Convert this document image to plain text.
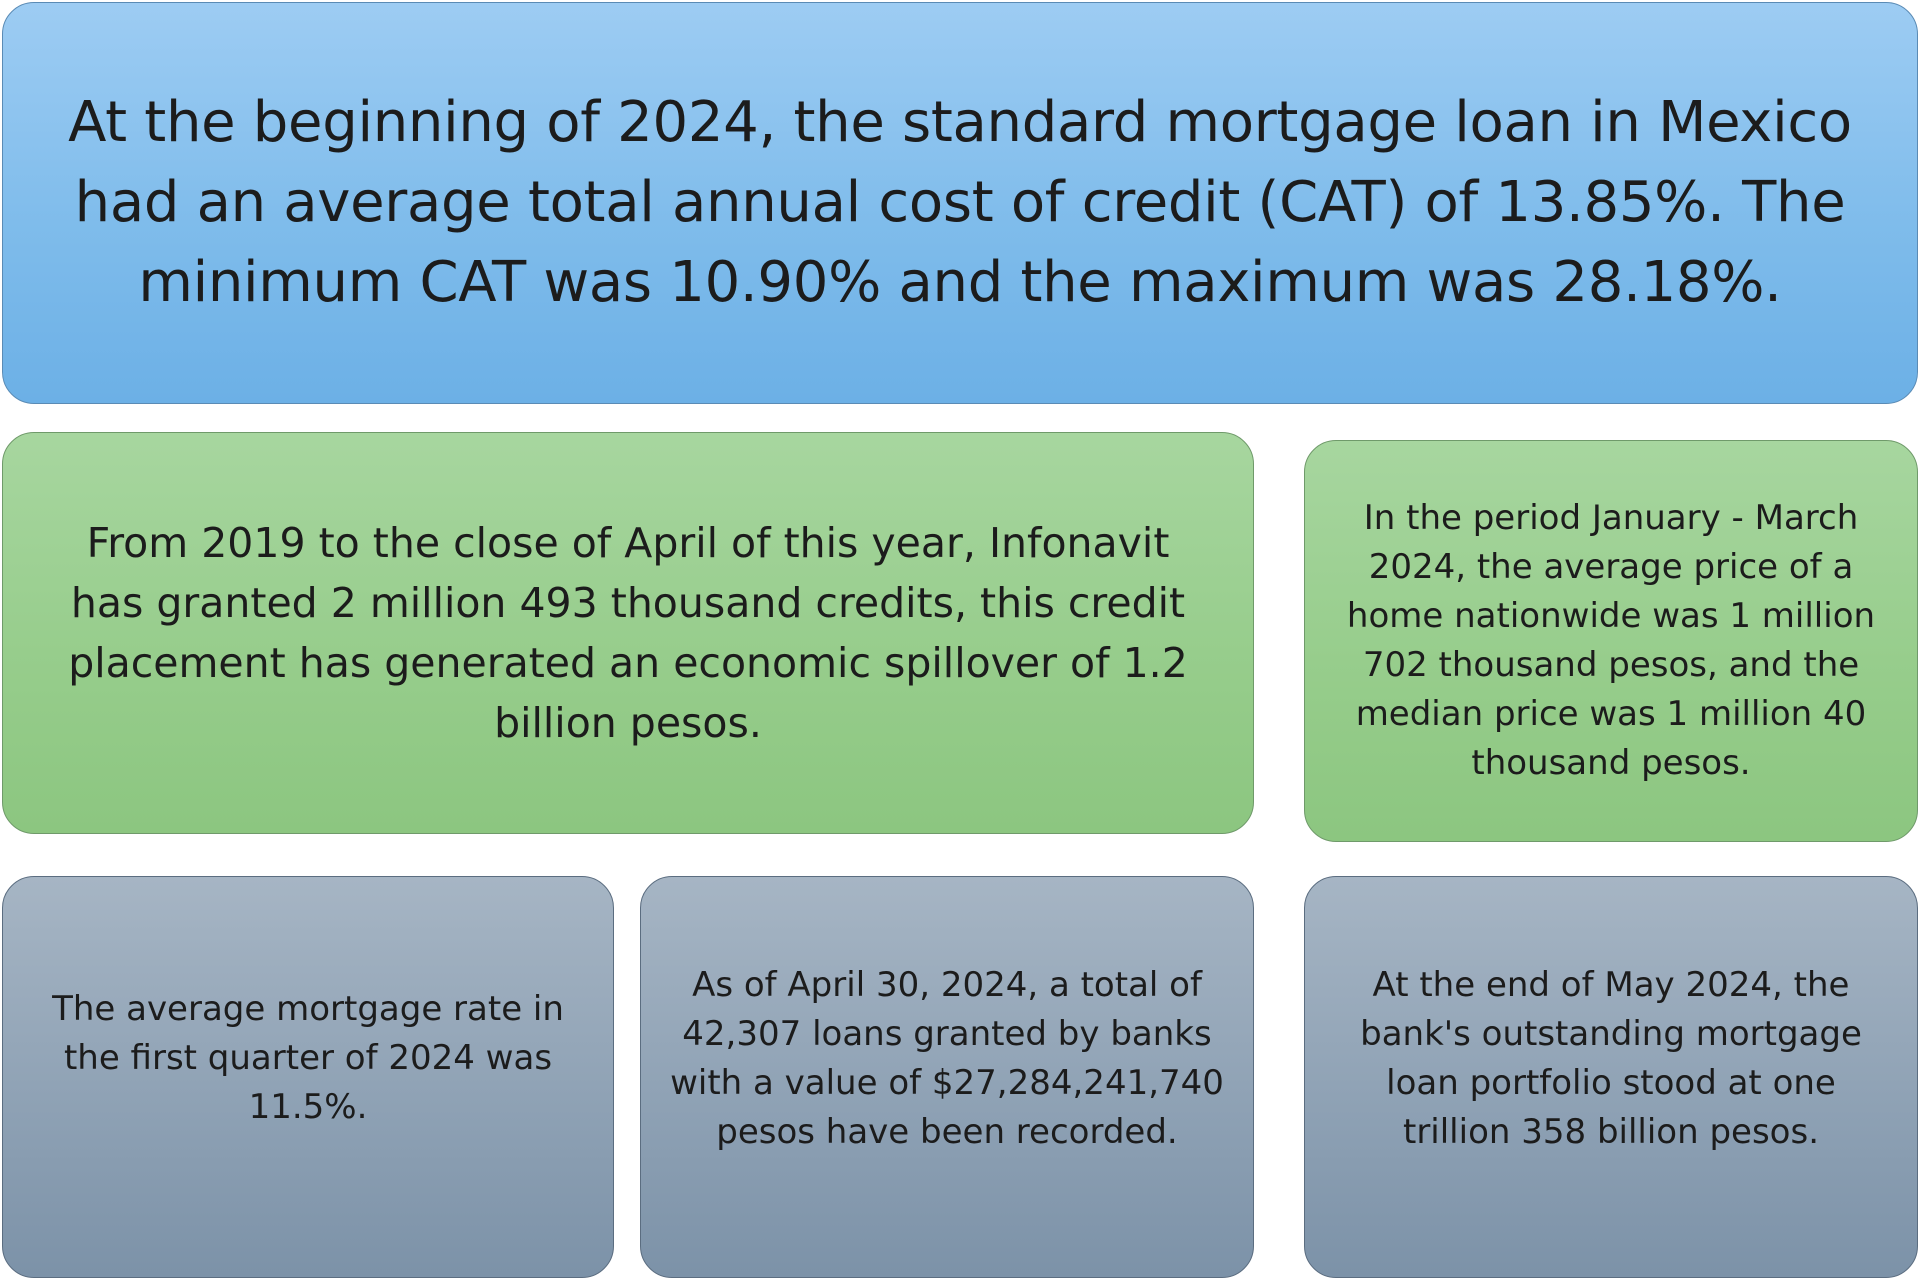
At the beginning of 2024, the standard mortgage loan in Mexico had an average total annual cost of credit (CAT) of 13.85%. The minimum CAT was 10.90% and the maximum was 28.18%.
From 2019 to the close of April of this year, Infonavit has granted 2 million 493 thousand credits, this credit placement has generated an economic spillover of 1.2 billion pesos.
In the period January - March 2024, the average price of a home nationwide was 1 million 702 thousand pesos, and the median price was 1 million 40 thousand pesos.
The average mortgage rate in the first quarter of 2024 was 11.5%.
As of April 30, 2024, a total of 42,307 loans granted by banks with a value of $27,284,241,740 pesos have been recorded.
At the end of May 2024, the bank's outstanding mortgage loan portfolio stood at one trillion 358 billion pesos.
